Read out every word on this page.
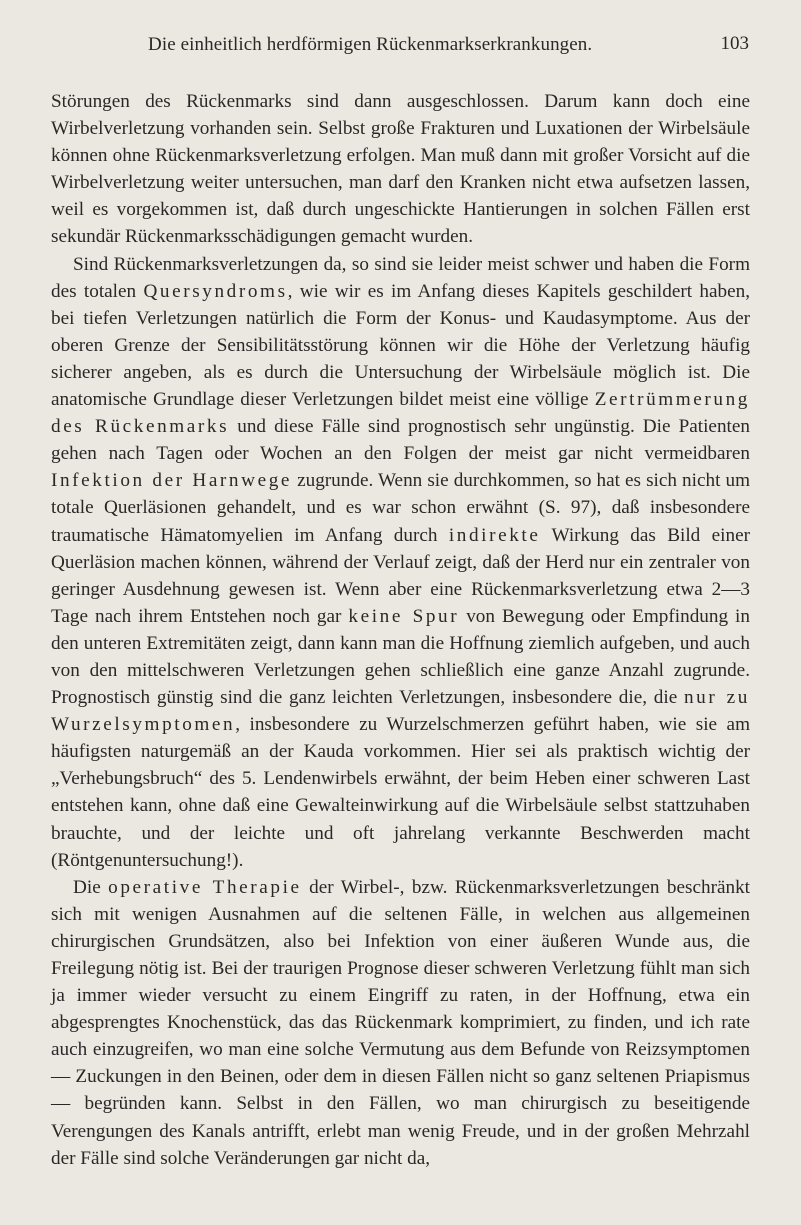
Die einheitlich herdförmigen Rückenmarkserkrankungen.	103

Störungen des Rückenmarks sind dann ausgeschlossen. Darum kann doch eine Wirbelverletzung vorhanden sein. Selbst große Frakturen und Luxationen der Wirbelsäule können ohne Rückenmarksverletzung erfolgen. Man muß dann mit großer Vorsicht auf die Wirbelverletzung weiter untersuchen, man darf den Kranken nicht etwa aufsetzen lassen, weil es vorgekommen ist, daß durch ungeschickte Hantierungen in solchen Fällen erst sekundär Rückenmarksschädigungen gemacht wurden.

Sind Rückenmarksverletzungen da, so sind sie leider meist schwer und haben die Form des totalen Quersyndroms, wie wir es im Anfang dieses Kapitels geschildert haben, bei tiefen Verletzungen natürlich die Form der Konus- und Kaudasymptome. Aus der oberen Grenze der Sensibilitätsstörung können wir die Höhe der Verletzung häufig sicherer angeben, als es durch die Untersuchung der Wirbelsäule möglich ist. Die anatomische Grundlage dieser Verletzungen bildet meist eine völlige Zertrümmerung des Rückenmarks und diese Fälle sind prognostisch sehr ungünstig. Die Patienten gehen nach Tagen oder Wochen an den Folgen der meist gar nicht vermeidbaren Infektion der Harnwege zugrunde. Wenn sie durchkommen, so hat es sich nicht um totale Querläsionen gehandelt, und es war schon erwähnt (S. 97), daß insbesondere traumatische Hämatomyelien im Anfang durch indirekte Wirkung das Bild einer Querläsion machen können, während der Verlauf zeigt, daß der Herd nur ein zentraler von geringer Ausdehnung gewesen ist. Wenn aber eine Rückenmarksverletzung etwa 2—3 Tage nach ihrem Entstehen noch gar keine Spur von Bewegung oder Empfindung in den unteren Extremitäten zeigt, dann kann man die Hoffnung ziemlich aufgeben, und auch von den mittelschweren Verletzungen gehen schließlich eine ganze Anzahl zugrunde. Prognostisch günstig sind die ganz leichten Verletzungen, insbesondere die, die nur zu Wurzelsymptomen, insbesondere zu Wurzelschmerzen geführt haben, wie sie am häufigsten naturgemäß an der Kauda vorkommen. Hier sei als praktisch wichtig der „Verhebungsbruch“ des 5. Lendenwirbels erwähnt, der beim Heben einer schweren Last entstehen kann, ohne daß eine Gewalteinwirkung auf die Wirbelsäule selbst stattzuhaben brauchte, und der leichte und oft jahrelang verkannte Beschwerden macht (Röntgenuntersuchung!).

Die operative Therapie der Wirbel-, bzw. Rückenmarksverletzungen beschränkt sich mit wenigen Ausnahmen auf die seltenen Fälle, in welchen aus allgemeinen chirurgischen Grundsätzen, also bei Infektion von einer äußeren Wunde aus, die Freilegung nötig ist. Bei der traurigen Prognose dieser schweren Verletzung fühlt man sich ja immer wieder versucht zu einem Eingriff zu raten, in der Hoffnung, etwa ein abgesprengtes Knochenstück, das das Rückenmark komprimiert, zu finden, und ich rate auch einzugreifen, wo man eine solche Vermutung aus dem Befunde von Reizsymptomen — Zuckungen in den Beinen, oder dem in diesen Fällen nicht so ganz seltenen Priapismus — begründen kann. Selbst in den Fällen, wo man chirurgisch zu beseitigende Verengungen des Kanals antrifft, erlebt man wenig Freude, und in der großen Mehrzahl der Fälle sind solche Veränderungen gar nicht da,
